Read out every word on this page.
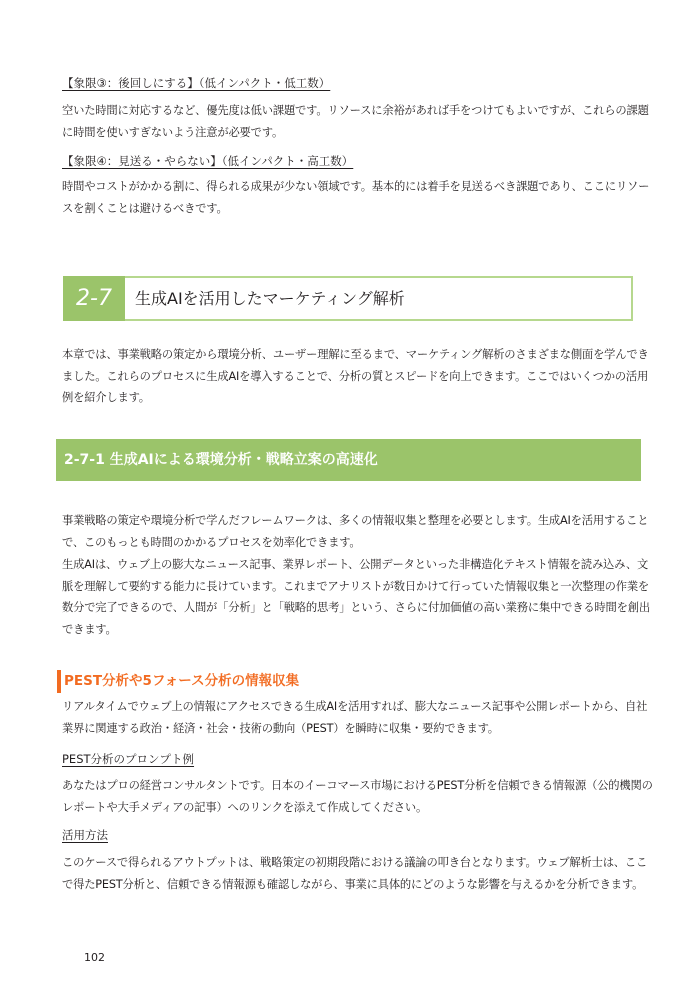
【象限③：後回しにする】（低インパクト・低工数）

空いた時間に対応するなど、優先度は低い課題です。リソースに余裕があれば手をつけてもよいですが、これらの課題

に時間を使いすぎないよう注意が必要です。

【象限④：見送る・やらない】（低インパクト・高工数）

時間やコストがかかる割に、得られる成果が少ない領域です。基本的には着手を見送るべき課題であり、ここにリソー

スを割くことは避けるべきです。

2-7	生成AIを活用したマーケティング解析

本章では、事業戦略の策定から環境分析、ユーザー理解に至るまで、マーケティング解析のさまざまな側面を学んでき

ました。これらのプロセスに生成AIを導入することで、分析の質とスピードを向上できます。ここではいくつかの活用

例を紹介します。

2-7-1 生成AIによる環境分析・戦略立案の高速化

事業戦略の策定や環境分析で学んだフレームワークは、多くの情報収集と整理を必要とします。生成AIを活用すること

で、このもっとも時間のかかるプロセスを効率化できます。

生成AIは、ウェブ上の膨大なニュース記事、業界レポート、公開データといった非構造化テキスト情報を読み込み、文

脈を理解して要約する能力に長けています。これまでアナリストが数日かけて行っていた情報収集と一次整理の作業を

数分で完了できるので、人間が「分析」と「戦略的思考」という、さらに付加価値の高い業務に集中できる時間を創出

できます。

PEST分析や5フォース分析の情報収集

リアルタイムでウェブ上の情報にアクセスできる生成AIを活用すれば、膨大なニュース記事や公開レポートから、自社

業界に関連する政治・経済・社会・技術の動向（PEST）を瞬時に収集・要約できます。

PEST分析のプロンプト例

あなたはプロの経営コンサルタントです。日本のイーコマース市場におけるPEST分析を信頼できる情報源（公的機関の

レポートや大手メディアの記事）へのリンクを添えて作成してください。

活用方法

このケースで得られるアウトプットは、戦略策定の初期段階における議論の叩き台となります。ウェブ解析士は、ここ

で得たPEST分析と、信頼できる情報源も確認しながら、事業に具体的にどのような影響を与えるかを分析できます。

102
